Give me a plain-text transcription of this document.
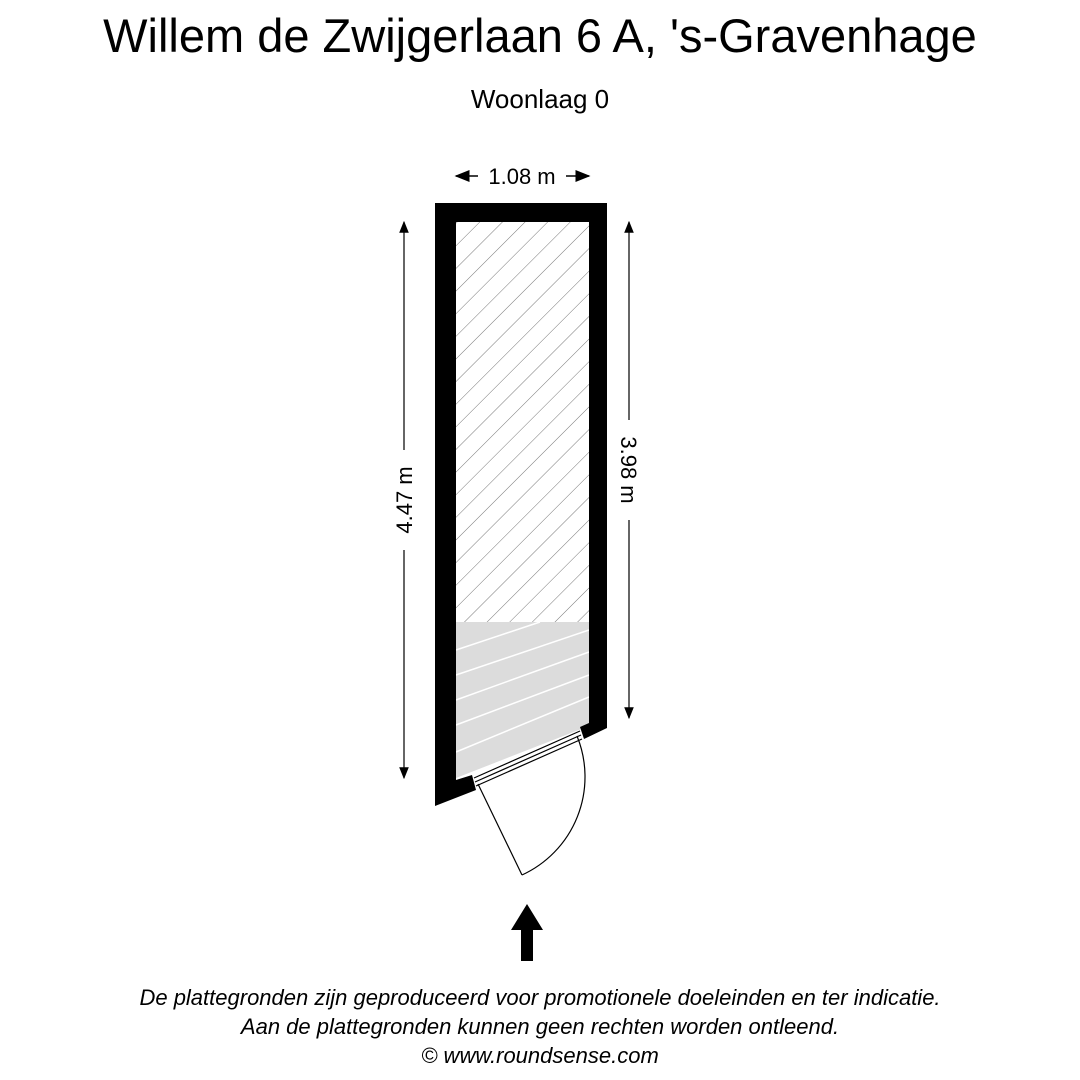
Willem de Zwijgerlaan 6 A, 's-Gravenhage
Woonlaag 0
1.08 m
4.47 m	3.98 m
De plattegronden zijn geproduceerd voor promotionele doeleinden en ter indicatie.
Aan de plattegronden kunnen geen rechten worden ontleend.
© www.roundsense.com
